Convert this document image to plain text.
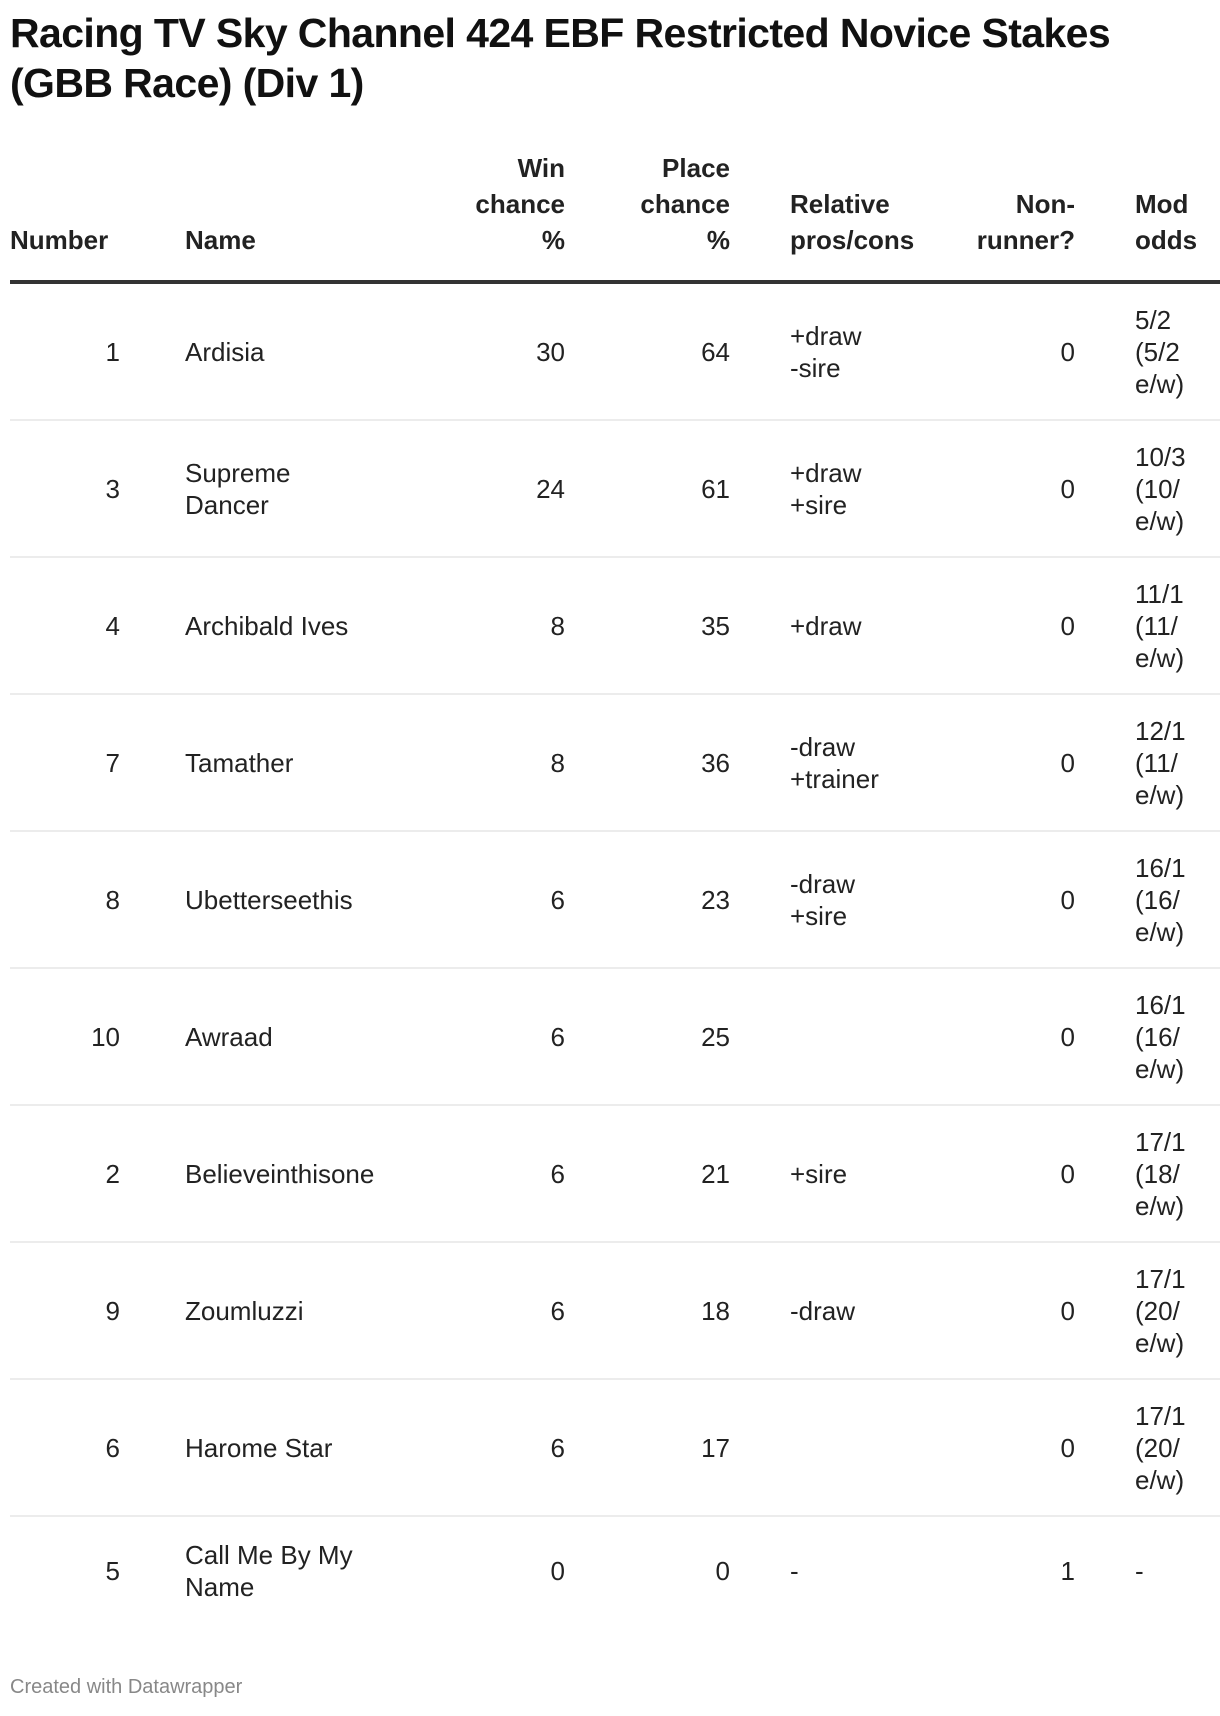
Racing TV Sky Channel 424 EBF Restricted Novice Stakes (GBB Race) (Div 1)
Number		Name	Win
chance
%	Place
chance
%		Relative
pros/cons	Non-
runner?		Mod
odds

1		Ardisia	30	64		+draw
-sire	0		5/2
(5/2
e/w)

3		Supreme
Dancer	24	61		+draw
+sire	0		10/3
(10/
e/w)

4		Archibald Ives	8	35		+draw	0		11/1
(11/
e/w)

7		Tamather	8	36		-draw
+trainer	0		12/1
(11/
e/w)

8		Ubetterseethis	6	23		-draw
+sire	0		16/1
(16/
e/w)

10		Awraad	6	25			0		16/1
(16/
e/w)

2		Believeinthisone	6	21		+sire	0		17/1
(18/
e/w)

9		Zoumluzzi	6	18		-draw	0		17/1
(20/
e/w)

6		Harome Star	6	17			0		17/1
(20/
e/w)

5		Call Me By My
Name	0	0		-	1		-
Created with Datawrapper
